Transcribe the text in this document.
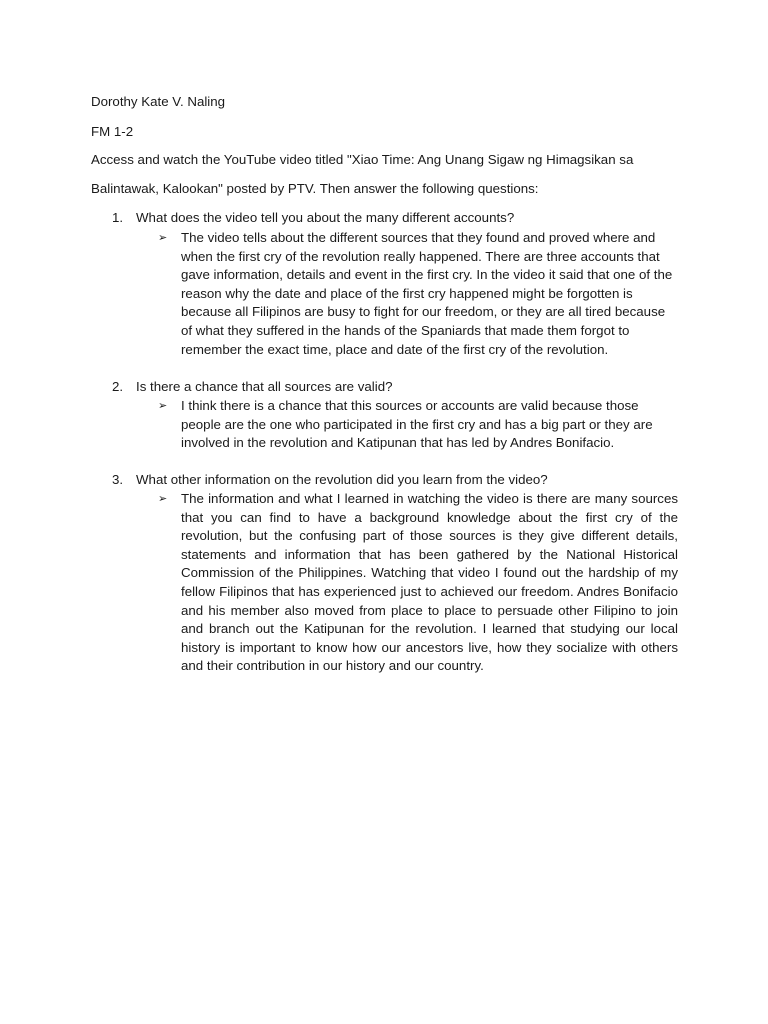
Dorothy Kate V. Naling
FM 1-2
Access and watch the YouTube video titled "Xiao Time: Ang Unang Sigaw ng Himagsikan sa
Balintawak, Kalookan" posted by PTV. Then answer the following questions:
1. What does the video tell you about the many different accounts?
➢ The video tells about the different sources that they found and proved where and when the first cry of the revolution really happened. There are three accounts that gave information, details and event in the first cry. In the video it said that one of the reason why the date and place of the first cry happened might be forgotten is because all Filipinos are busy to fight for our freedom, or they are all tired because of what they suffered in the hands of the Spaniards that made them forgot to remember the exact time, place and date of the first cry of the revolution.
2. Is there a chance that all sources are valid?
➢ I think there is a chance that this sources or accounts are valid because those people are the one who participated in the first cry and has a big part or they are involved in the revolution and Katipunan that has led by Andres Bonifacio.
3. What other information on the revolution did you learn from the video?
➢ The information and what I learned in watching the video is there are many sources that you can find to have a background knowledge about the first cry of the revolution, but the confusing part of those sources is they give different details, statements and information that has been gathered by the National Historical Commission of the Philippines. Watching that video I found out the hardship of my fellow Filipinos that has experienced just to achieved our freedom. Andres Bonifacio and his member also moved from place to place to persuade other Filipino to join and branch out the Katipunan for the revolution. I learned that studying our local history is important to know how our ancestors live, how they socialize with others and their contribution in our history and our country.
